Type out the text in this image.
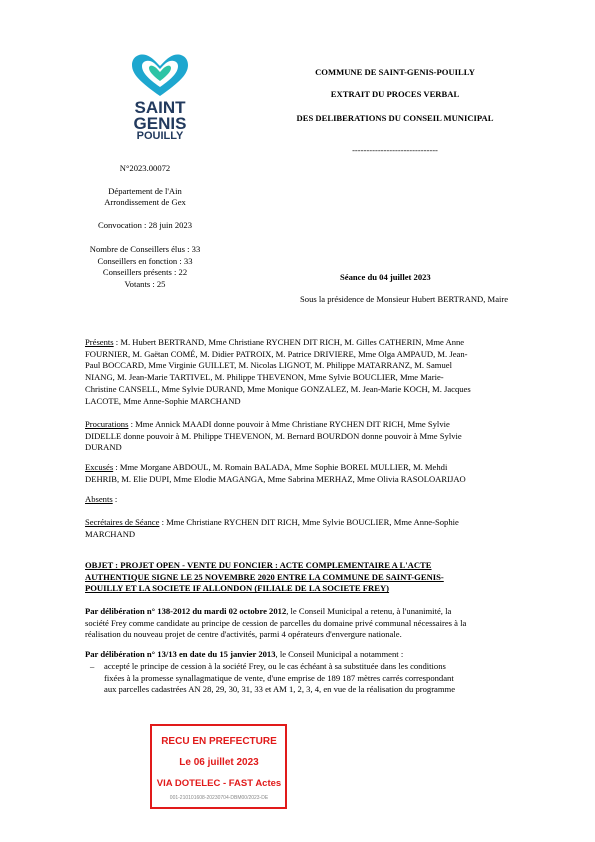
SAINT
GENIS
POUILLY
COMMUNE DE SAINT-GENIS-POUILLY
EXTRAIT DU PROCES VERBAL
DES DELIBERATIONS DU CONSEIL MUNICIPAL
------------------------------
N°2023.00072
Département de l'Ain
Arrondissement de Gex
Convocation : 28 juin 2023
Nombre de Conseillers élus : 33
Conseillers en fonction : 33
Conseillers présents : 22
Votants : 25
Séance du 04 juillet 2023
Sous la présidence de Monsieur Hubert BERTRAND, Maire
Présents : M. Hubert BERTRAND, Mme Christiane RYCHEN DIT RICH, M. Gilles CATHERIN, Mme Anne
FOURNIER, M. Gaëtan COMÉ, M. Didier PATROIX, M. Patrice DRIVIERE, Mme Olga AMPAUD, M. Jean-
Paul BOCCARD, Mme Virginie GUILLET, M. Nicolas LIGNOT, M. Philippe MATARRANZ, M. Samuel
NIANG, M. Jean-Marie TARTIVEL, M. Philippe THEVENON, Mme Sylvie BOUCLIER, Mme Marie-
Christine CANSELL, Mme Sylvie DURAND, Mme Monique GONZALEZ, M. Jean-Marie KOCH, M. Jacques
LACOTE, Mme Anne-Sophie MARCHAND
Procurations : Mme Annick MAADI donne pouvoir à Mme Christiane RYCHEN DIT RICH, Mme Sylvie
DIDELLE donne pouvoir à M. Philippe THEVENON, M. Bernard BOURDON donne pouvoir à Mme Sylvie
DURAND
Excusés : Mme Morgane ABDOUL, M. Romain BALADA, Mme Sophie BOREL MULLIER, M. Mehdi
DEHRIB, M. Elie DUPI, Mme Elodie MAGANGA, Mme Sabrina MERHAZ, Mme Olivia RASOLOARIJAO
Absents :
Secrétaires de Séance : Mme Christiane RYCHEN DIT RICH, Mme Sylvie BOUCLIER, Mme Anne-Sophie
MARCHAND
OBJET : PROJET OPEN - VENTE DU FONCIER : ACTE COMPLEMENTAIRE A L'ACTE
AUTHENTIQUE SIGNE LE 25 NOVEMBRE 2020 ENTRE LA COMMUNE DE SAINT-GENIS-
POUILLY ET LA SOCIETE IF ALLONDON (FILIALE DE LA SOCIETE FREY)
Par délibération n° 138-2012 du mardi 02 octobre 2012, le Conseil Municipal a retenu, à l'unanimité, la
société Frey comme candidate au principe de cession de parcelles du domaine privé communal nécessaires à la
réalisation du nouveau projet de centre d'activités, parmi 4 opérateurs d'envergure nationale.
Par délibération n° 13/13 en date du 15 janvier 2013, le Conseil Municipal a notamment :
– accepté le principe de cession à la société Frey, ou le cas échéant à sa substituée dans les conditions
fixées à la promesse synallagmatique de vente, d'une emprise de 189 187 mètres carrés correspondant
aux parcelles cadastrées AN 28, 29, 30, 31, 33 et AM 1, 2, 3, 4, en vue de la réalisation du programme
RECU EN PREFECTURE
Le 06 juillet 2023
VIA DOTELEC - FAST Actes
001-210101608-20230704-DBM00/2023-DE
